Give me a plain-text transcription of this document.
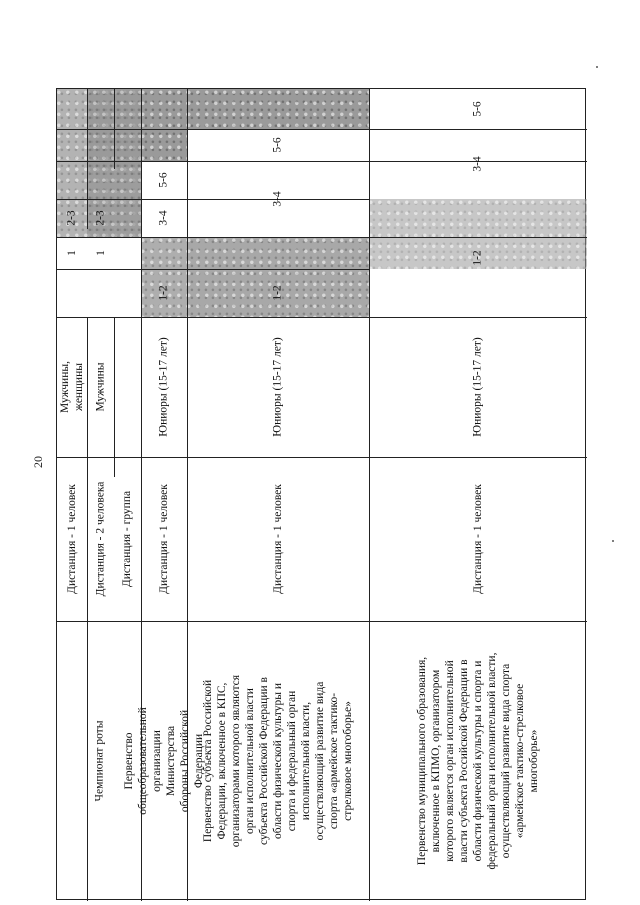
20
1
2-3
1
2-3
Мужчины, женщины Мужчины
Дистанция - 1 человек Дистанция - 2 человека Дистанция - группа
Чемпионат роты
1-2
3-4
5-6
Юниоры (15-17 лет)
Дистанция - 1 человек
Первенство общеобразовательной организации Министерства обороны Российской Федерации
1-2
3-4
5-6
Юниоры (15-17 лет)
Дистанция - 1 человек
Первенство субъекта Российской Федерации, включенное в КПС, организаторами которого являются орган исполнительной власти субъекта Российской Федерации в области физической культуры и спорта и федеральный орган исполнительной власти, осуществляющий развитие вида спорта «армейское тактико-стрелковое многоборье»
1-2
3-4
5-6
Юниоры (15-17 лет)
Дистанция - 1 человек
Первенство муниципального образования, включенное в КПМО, организатором которого является орган исполнительной власти субъекта Российской Федерации в области физической культуры и спорта и федеральный орган исполнительной власти, осуществляющий развитие вида спорта «армейское тактико-стрелковое многоборье»
